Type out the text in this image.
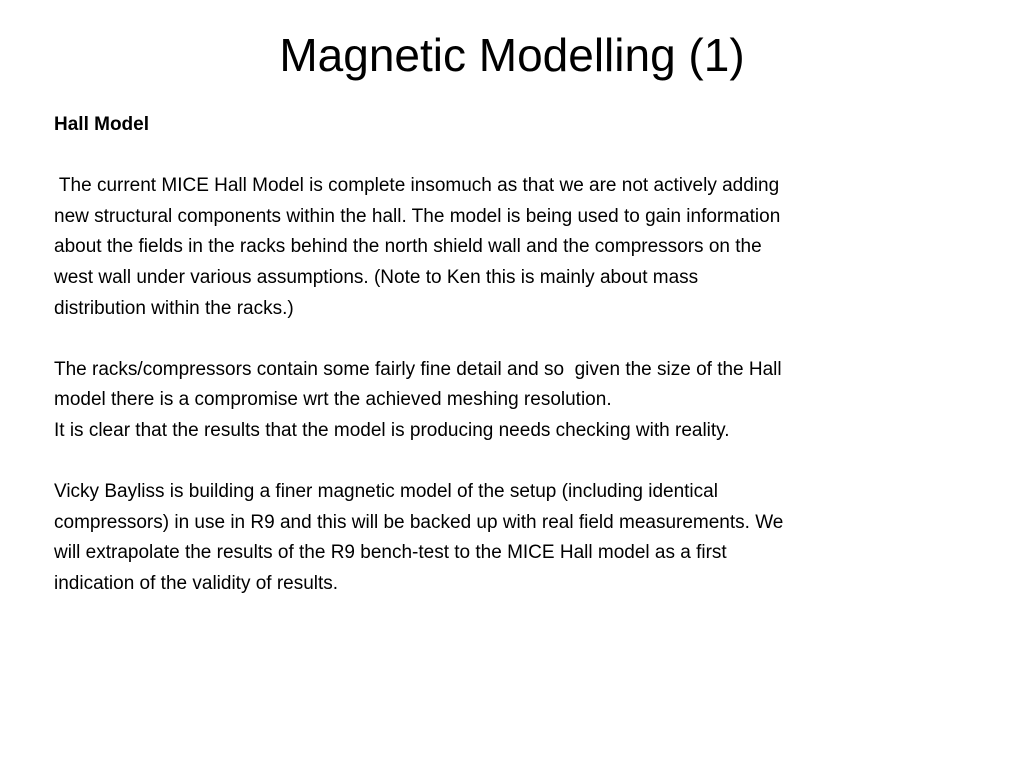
Magnetic Modelling (1)

Hall Model

The current MICE Hall Model is complete insomuch as that we are not actively adding
new structural components within the hall. The model is being used to gain information
about the fields in the racks behind the north shield wall and the compressors on the
west wall under various assumptions. (Note to Ken this is mainly about mass
distribution within the racks.)

The racks/compressors contain some fairly fine detail and so  given the size of the Hall
model there is a compromise wrt the achieved meshing resolution.

It is clear that the results that the model is producing needs checking with reality.

Vicky Bayliss is building a finer magnetic model of the setup (including identical
compressors) in use in R9 and this will be backed up with real field measurements. We
will extrapolate the results of the R9 bench-test to the MICE Hall model as a first
indication of the validity of results.
